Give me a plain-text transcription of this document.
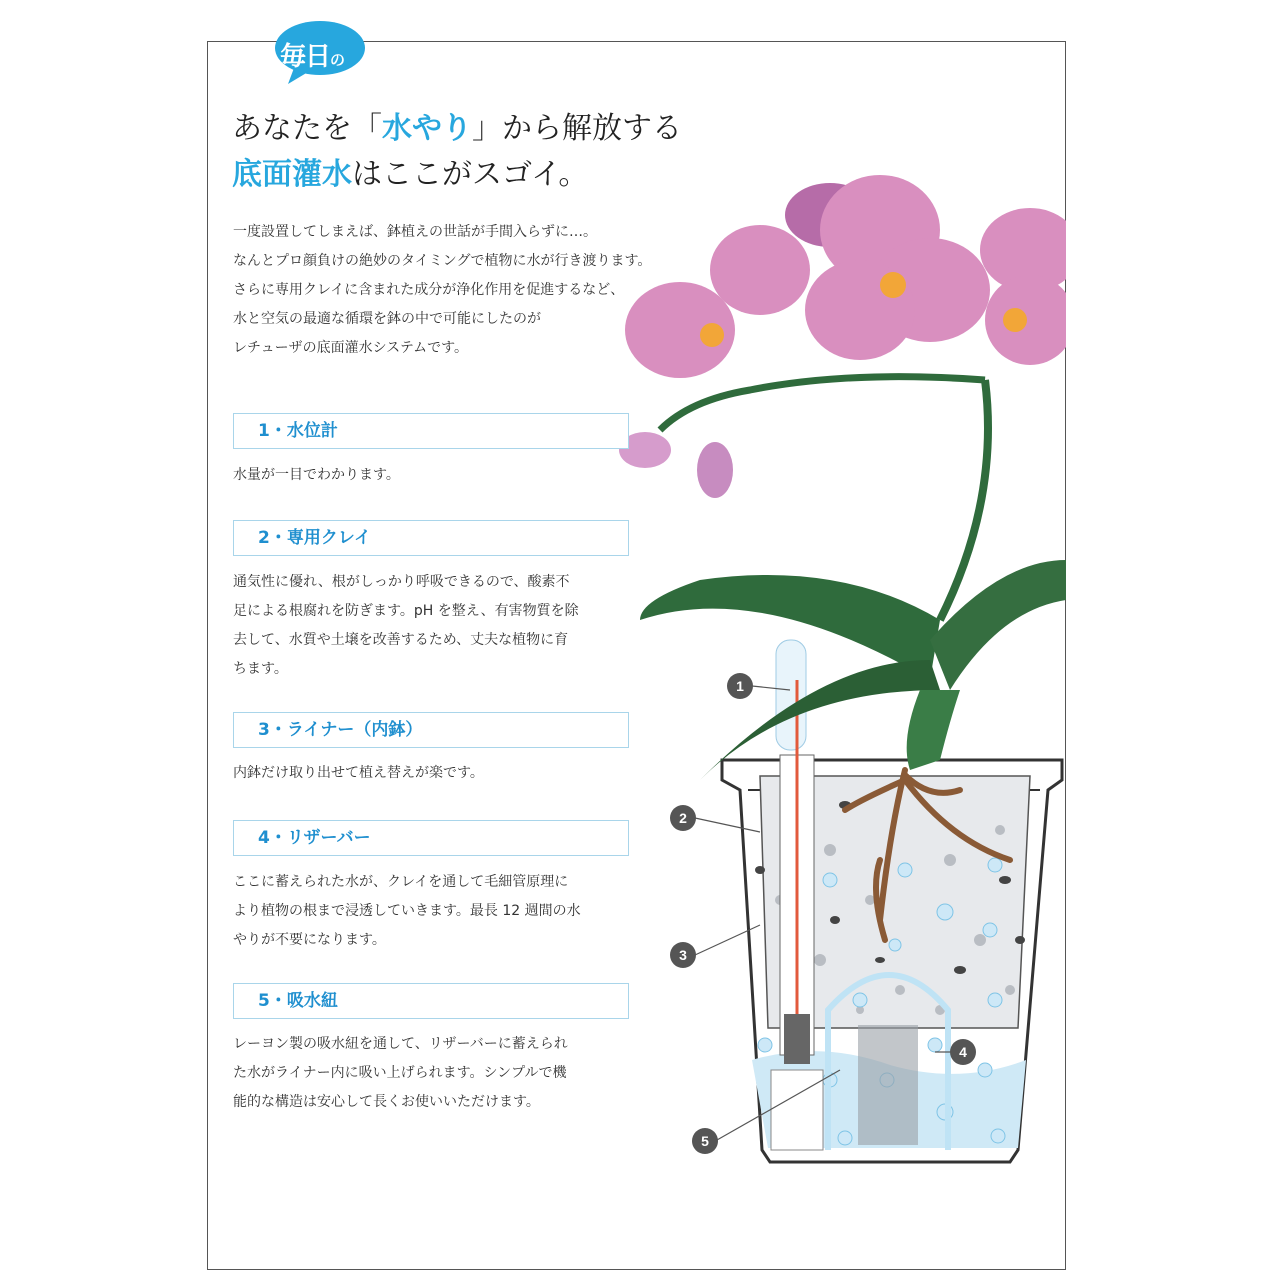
毎日の
あなたを「水やり」から解放する
底面灌水はここがスゴイ。
1
2
3
4
5
一度設置してしまえば、鉢植えの世話が手間入らずに…。
なんとプロ顔負けの絶妙のタイミングで植物に水が行き渡ります。
さらに専用クレイに含まれた成分が浄化作用を促進するなど、
水と空気の最適な循環を鉢の中で可能にしたのが
レチューザの底面灌水システムです。
1・水位計
水量が一目でわかります。
2・専用クレイ
通気性に優れ、根がしっかり呼吸できるので、酸素不
足による根腐れを防ぎます。pH を整え、有害物質を除
去して、水質や土壌を改善するため、丈夫な植物に育
ちます。
3・ライナー（内鉢）
内鉢だけ取り出せて植え替えが楽です。
4・リザーバー
ここに蓄えられた水が、クレイを通して毛細管原理に
より植物の根まで浸透していきます。最長 12 週間の水
やりが不要になります。
5・吸水紐
レーヨン製の吸水紐を通して、リザーバーに蓄えられ
た水がライナー内に吸い上げられます。シンプルで機
能的な構造は安心して長くお使いいただけます。
